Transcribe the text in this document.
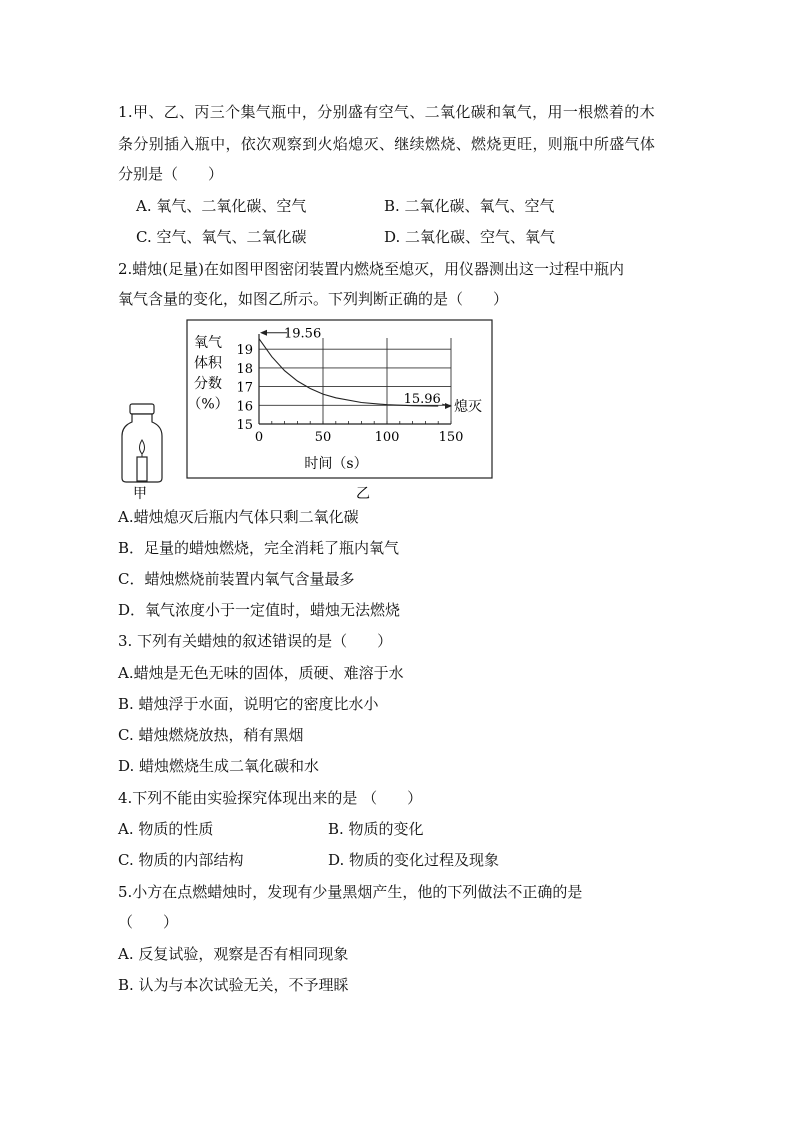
1.甲、乙、丙三个集气瓶中，分别盛有空气、二氧化碳和氧气，用一根燃着的木
条分别插入瓶中，依次观察到火焰熄灭、继续燃烧、燃烧更旺，则瓶中所盛气体
分别是（　　）
A. 氧气、二氧化碳、空气	B. 二氧化碳、氧气、空气
C. 空气、氧气、二氧化碳	D. 二氧化碳、空气、氧气
2.蜡烛(足量)在如图甲图密闭装置内燃烧至熄灭，用仪器测出这一过程中瓶内
氧气含量的变化，如图乙所示。下列判断正确的是（　　）
甲
氧气
体积
分数
（%）
15
16
17
18
19
0	50	100	150
19.56
15.96 熄灭
时间（s）
乙
A.蜡烛熄灭后瓶内气体只剩二氧化碳
B．足量的蜡烛燃烧，完全消耗了瓶内氧气
C．蜡烛燃烧前装置内氧气含量最多
D．氧气浓度小于一定值时，蜡烛无法燃烧
3. 下列有关蜡烛的叙述错误的是（　　）
A.蜡烛是无色无味的固体，质硬、难溶于水
B. 蜡烛浮于水面，说明它的密度比水小
C. 蜡烛燃烧放热，稍有黑烟
D. 蜡烛燃烧生成二氧化碳和水
4.下列不能由实验探究体现出来的是 （　　）
A. 物质的性质	B. 物质的变化
C. 物质的内部结构	D. 物质的变化过程及现象
5.小方在点燃蜡烛时，发现有少量黑烟产生，他的下列做法不正确的是
（　　）
A. 反复试验，观察是否有相同现象
B. 认为与本次试验无关，不予理睬
